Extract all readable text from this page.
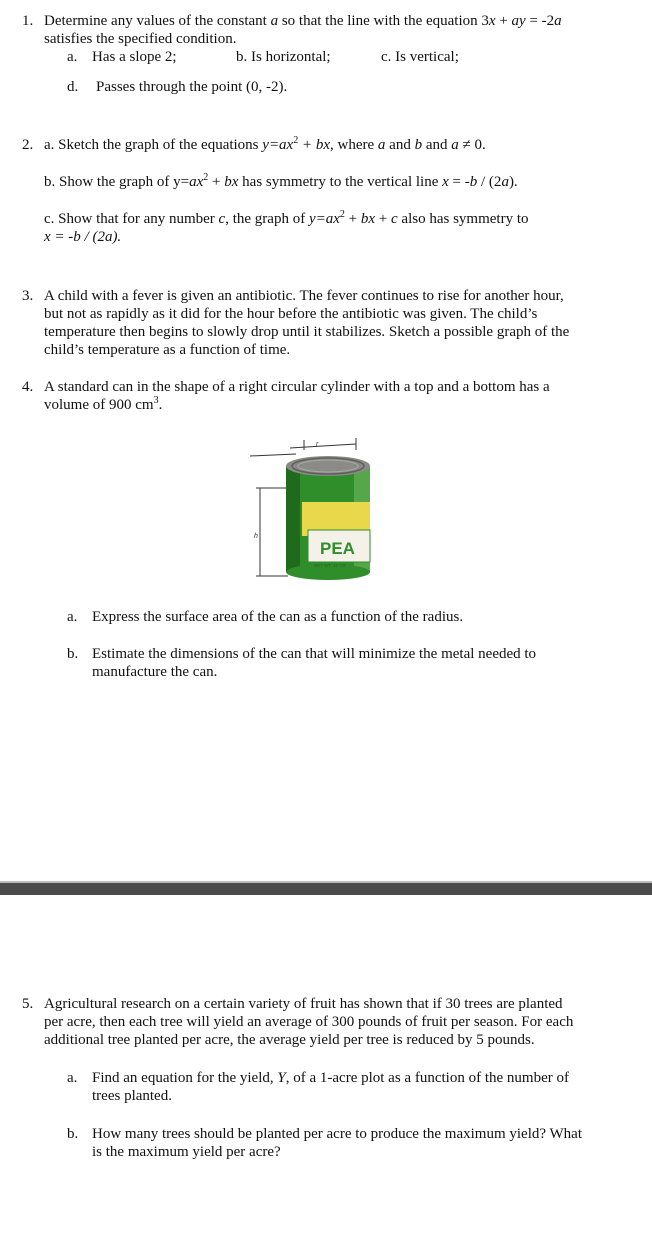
1. Determine any values of the constant a so that the line with the equation 3x + ay = -2a
satisfies the specified condition.
a. Has a slope 2;	b. Is horizontal;	c. Is vertical;
d. Passes through the point (0, -2).
2. a. Sketch the graph of the equations $y=ax^2$ + bx, where a and b and a ≠ 0.
b. Show the graph of $y=ax^2$ + bx has symmetry to the vertical line x = -b / (2a).
c. Show that for any number c, the graph of $y=ax^2$ + bx + c also has symmetry to
x = -b / (2a).
3. A child with a fever is given an antibiotic. The fever continues to rise for another hour,
but not as rapidly as it did for the hour before the antibiotic was given. The child’s
temperature then begins to slowly drop until it stabilizes. Sketch a possible graph of the
child’s temperature as a function of time.
4. A standard can in the shape of a right circular cylinder with a top and a bottom has a
volume of 900 $cm^3$.
r
h
PEA
NET WT. 12 OZ
a. Express the surface area of the can as a function of the radius.
b. Estimate the dimensions of the can that will minimize the metal needed to
manufacture the can.
5. Agricultural research on a certain variety of fruit has shown that if 30 trees are planted
per acre, then each tree will yield an average of 300 pounds of fruit per season. For each
additional tree planted per acre, the average yield per tree is reduced by 5 pounds.
a. Find an equation for the yield, Y, of a 1-acre plot as a function of the number of
trees planted.
b. How many trees should be planted per acre to produce the maximum yield? What
is the maximum yield per acre?
